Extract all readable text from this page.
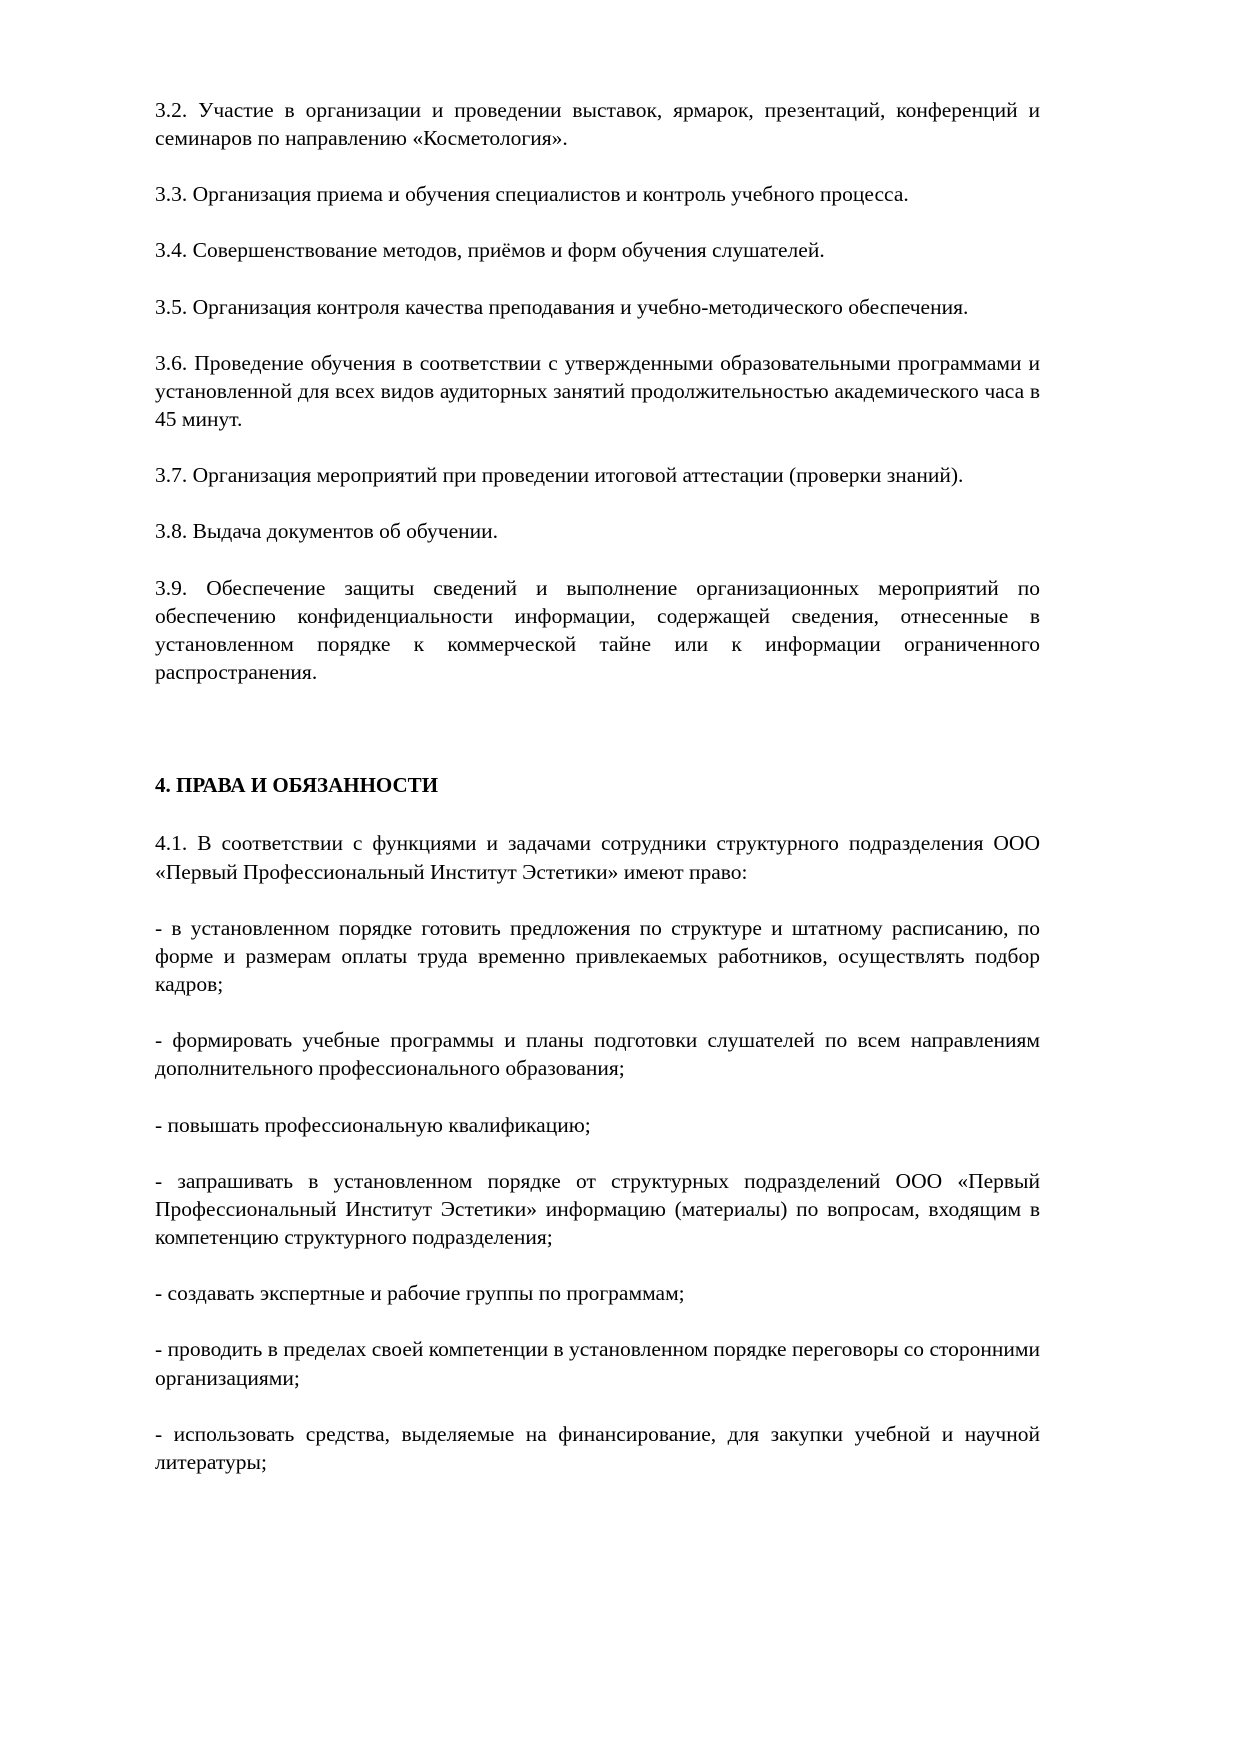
3.2. Участие в организации и проведении выставок, ярмарок, презентаций, конференций и семинаров по направлению «Косметология».

3.3. Организация приема и обучения специалистов и контроль учебного процесса.

3.4. Совершенствование методов, приёмов и форм обучения слушателей.

3.5. Организация контроля качества преподавания и учебно-методического обеспечения.

3.6. Проведение обучения в соответствии с утвержденными образовательными программами и установленной для всех видов аудиторных занятий продолжительностью академического часа в 45 минут.

3.7. Организация мероприятий при проведении итоговой аттестации (проверки знаний).

3.8. Выдача документов об обучении.

3.9. Обеспечение защиты сведений и выполнение организационных мероприятий по обеспечению конфиденциальности информации, содержащей сведения, отнесенные в установленном порядке к коммерческой тайне или к информации ограниченного распространения.

4. ПРАВА И ОБЯЗАННОСТИ

4.1. В соответствии с функциями и задачами сотрудники структурного подразделения ООО «Первый Профессиональный Институт Эстетики» имеют право:

- в установленном порядке готовить предложения по структуре и штатному расписанию, по форме и размерам оплаты труда временно привлекаемых работников, осуществлять подбор кадров;

- формировать учебные программы и планы подготовки слушателей по всем направлениям дополнительного профессионального образования;

- повышать профессиональную квалификацию;

- запрашивать в установленном порядке от структурных подразделений ООО «Первый Профессиональный Институт Эстетики» информацию (материалы) по вопросам, входящим в компетенцию структурного подразделения;

- создавать экспертные и рабочие группы по программам;

- проводить в пределах своей компетенции в установленном порядке переговоры со сторонними организациями;

- использовать средства, выделяемые на финансирование, для закупки учебной и научной литературы;
